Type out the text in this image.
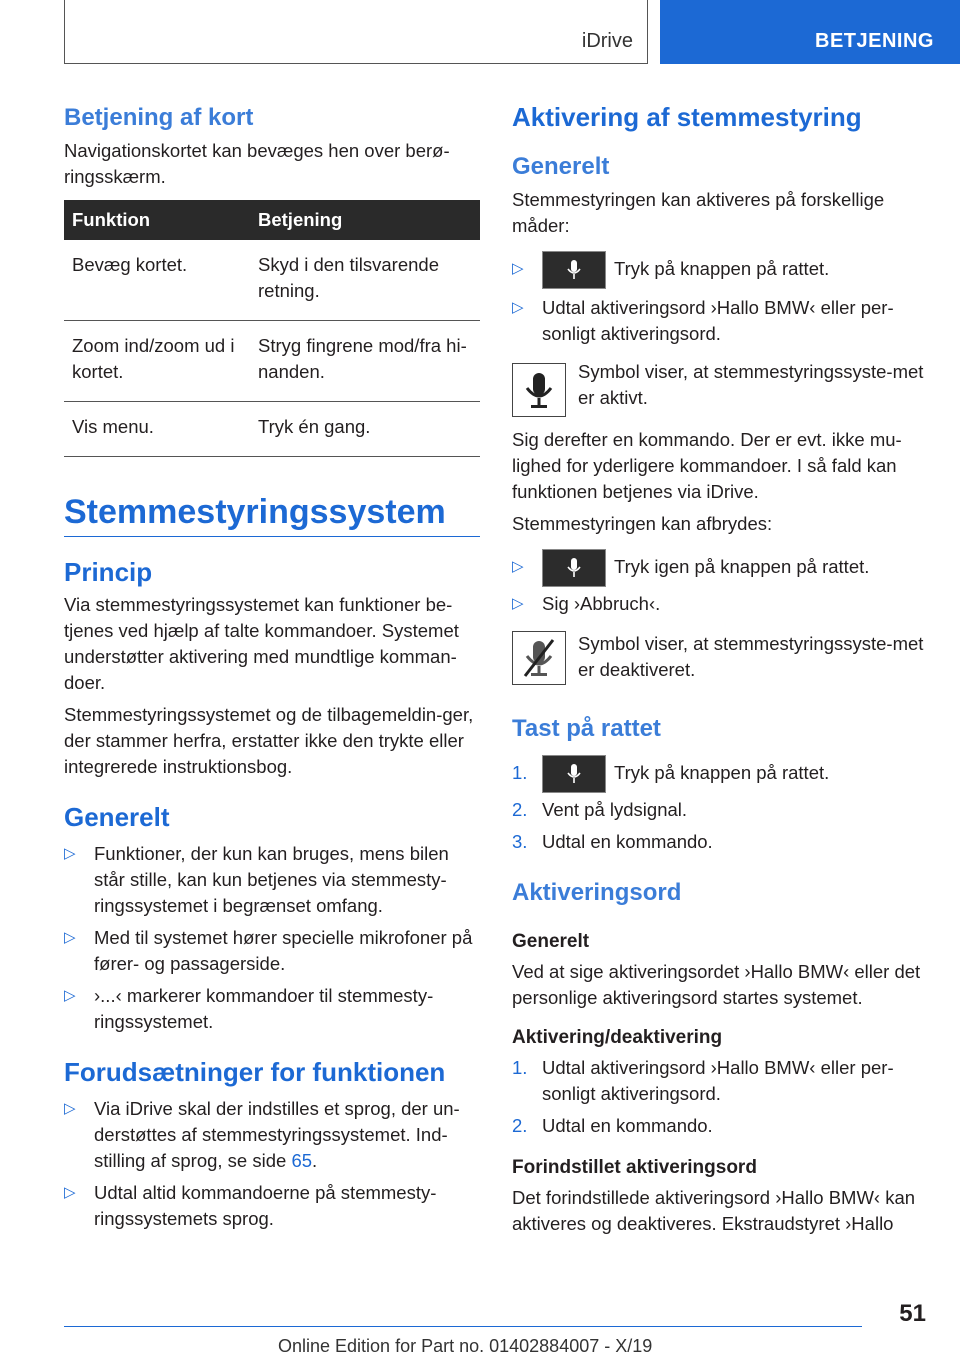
iDrive	BETJENING
Betjening af kort

Navigationskortet kan bevæges hen over berø-ringsskærm.

Funktion	Betjening
Bevæg kortet.	Skyd i den tilsvarende retning.
Zoom ind/zoom ud i kortet.	Stryg fingrene mod/fra hi-nanden.
Vis menu.	Tryk én gang.
Stemmestyringssystem
Princip

Via stemmestyringssystemet kan funktioner be-tjenes ved hjælp af talte kommandoer. Systemet understøtter aktivering med mundtlige komman-doer.

Stemmestyringssystemet og de tilbagemeldin-ger, der stammer herfra, erstatter ikke den trykte eller integrerede instruktionsbog.

Generelt
▷ Funktioner, der kun kan bruges, mens bilen står stille, kan kun betjenes via stemmesty-ringssystemet i begrænset omfang.
▷ Med til systemet hører specielle mikrofoner på fører- og passagerside.
▷ ›...‹ markerer kommandoer til stemmesty-ringssystemet.
Forudsætninger for funktionen
▷ Via iDrive skal der indstilles et sprog, der un-derstøttes af stemmestyringssystemet. Ind-stilling af sprog, se side 65.
▷ Udtal altid kommandoerne på stemmesty-ringssystemets sprog.
Aktivering af stemmestyring
Generelt

Stemmestyringen kan aktiveres på forskellige måder:

▷	Tryk på knappen på rattet.
▷ Udtal aktiveringsord ›Hallo BMW‹ eller per-sonligt aktiveringsord.

Symbol viser, at stemmestyringssyste-met er aktivt.

Sig derefter en kommando. Der er evt. ikke mu-lighed for yderligere kommandoer. I så fald kan funktionen betjenes via iDrive.

Stemmestyringen kan afbrydes:

▷	Tryk igen på knappen på rattet.
▷ Sig ›Abbruch‹.

Symbol viser, at stemmestyringssyste-met er deaktiveret.

Tast på rattet
1.	Tryk på knappen på rattet.
2. Vent på lydsignal.
3. Udtal en kommando.
Aktiveringsord
Generelt

Ved at sige aktiveringsordet ›Hallo BMW‹ eller det personlige aktiveringsord startes systemet.

Aktivering/deaktivering
1. Udtal aktiveringsord ›Hallo BMW‹ eller per-sonligt aktiveringsord.
2. Udtal en kommando.
Forindstillet aktiveringsord

Det forindstillede aktiveringsord ›Hallo BMW‹ kan aktiveres og deaktiveres. Ekstraudstyret ›Hallo

51
Online Edition for Part no. 01402884007 - X/19
